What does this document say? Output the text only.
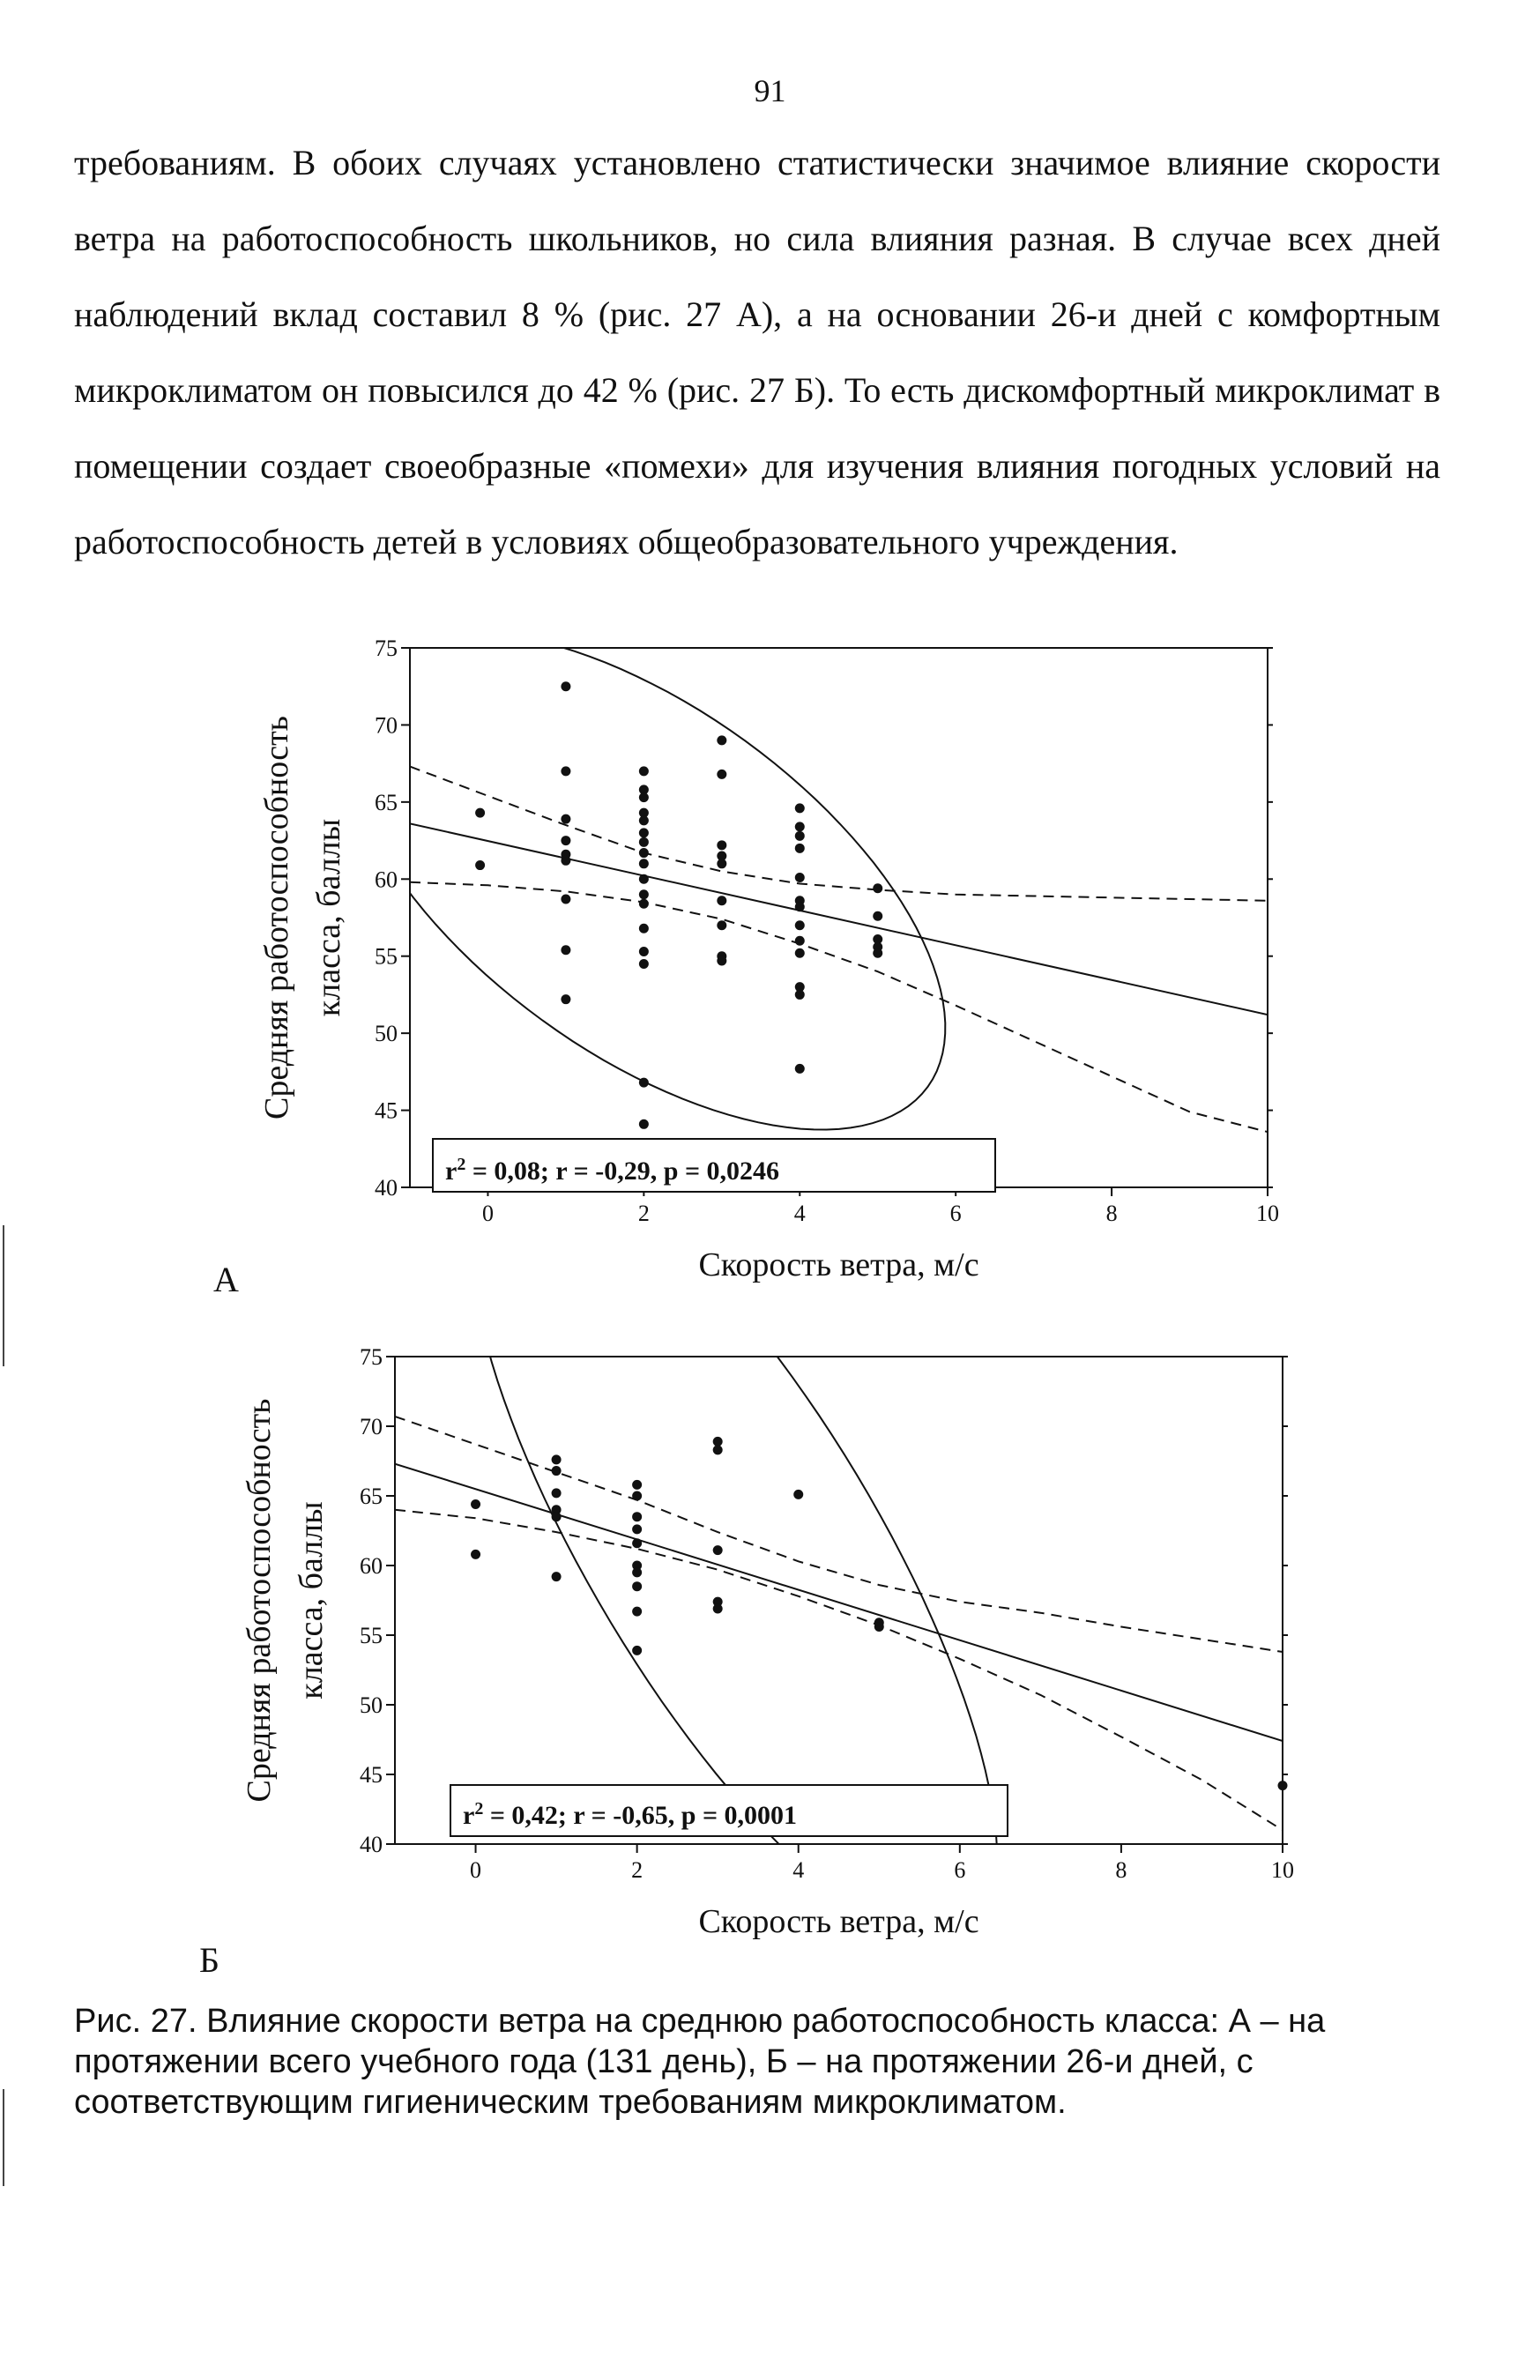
91

требованиям. В обоих случаях установлено статистически значимое влияние скорости ветра на работоспособность школьников, но сила влияния разная. В случае всех дней наблюдений вклад составил 8 % (рис. 27 А), а на основании 26-и дней с комфортным микроклиматом он повысился до 42 % (рис. 27 Б). То есть дискомфортный микроклимат в помещении создает своеобразные «помехи» для изучения влияния погодных условий на работоспособность детей в условиях общеобразовательного учреждения.

40
45
50
55
60
65
70
75
0	2	4	6	8	10
$r^2 = 0,08$; r = -0,29, p = 0,0246
Скорость ветра, м/с
Средняя работоспособность класса, баллы
А
40
45
50
55
60
65
70
75
0	2	4	6	8	10
$r^2 = 0,42$; r = -0,65, p = 0,0001
Скорость ветра, м/с
Средняя работоспособность класса, баллы
Б

Рис. 27. Влияние скорости ветра на среднюю работоспособность класса: А – на протяжении всего учебного года (131 день), Б – на протяжении 26-и дней, с соответствующим гигиеническим требованиям микроклиматом.
